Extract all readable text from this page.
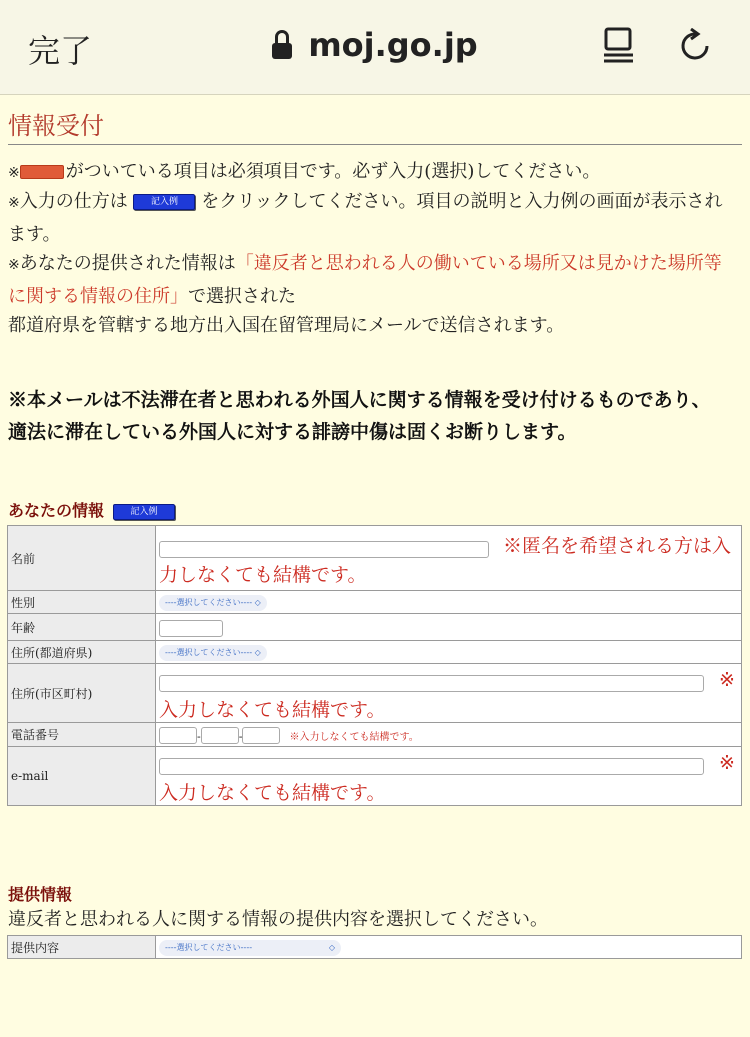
完了	moj.go.jp
情報受付
※	がついている項目は必須項目です。必ず入力(選択)してください。
※入力の仕方は	記入例 をクリックしてください。項目の説明と入力例の画面が表示されます。
※あなたの提供された情報は「違反者と思われる人の働いている場所又は見かけた場所等に関する情報の住所」で選択された
都道府県を管轄する地方出入国在留管理局にメールで送信されます。
※本メールは不法滞在者と思われる外国人に関する情報を受け付けるものであり、適法に滞在している外国人に対する誹謗中傷は固くお断りします。
あなたの情報	記入例
名前	※匿名を希望される方は入力しなくても結構です。

性別	----選択してください---- ◇
年齢	
住所(都道府県)	----選択してください---- ◇
住所(市区町村)	※
入力しなくても結構です。

電話番号	- - ※入力しなくても結構です。
e-mail	※
入力しなくても結構です。
提供情報
違反者と思われる人に関する情報の提供内容を選択してください。
提供内容	----選択してください----	◇
